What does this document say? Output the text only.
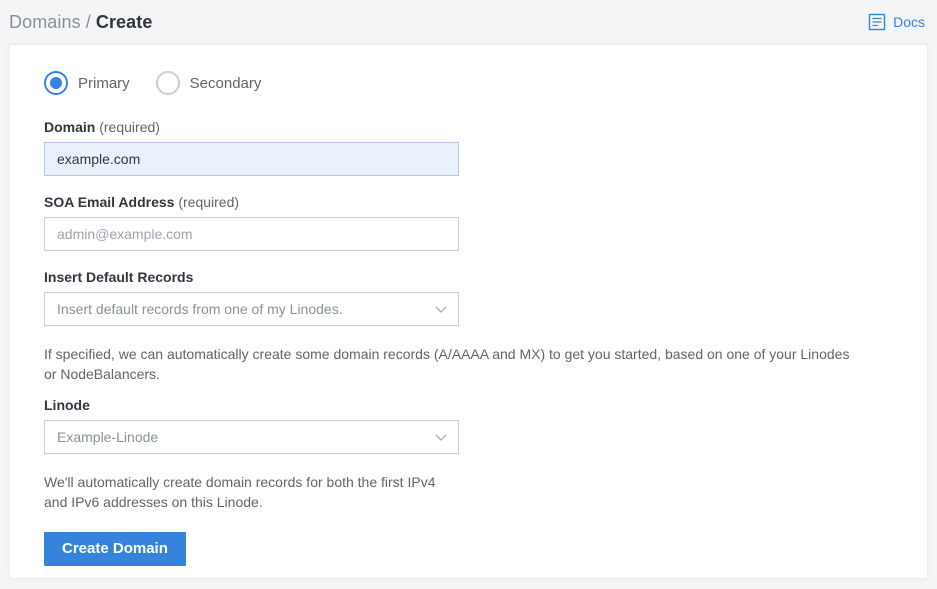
Domains / Create	Docs
Primary	Secondary
Domain (required)
example.com
SOA Email Address (required)
admin@example.com
Insert Default Records
Insert default records from one of my Linodes.
If specified, we can automatically create some domain records (A/AAAA and MX) to get you started, based on one of your Linodes or NodeBalancers.
Linode
Example-Linode
We'll automatically create domain records for both the first IPv4 and IPv6 addresses on this Linode.
Create Domain
